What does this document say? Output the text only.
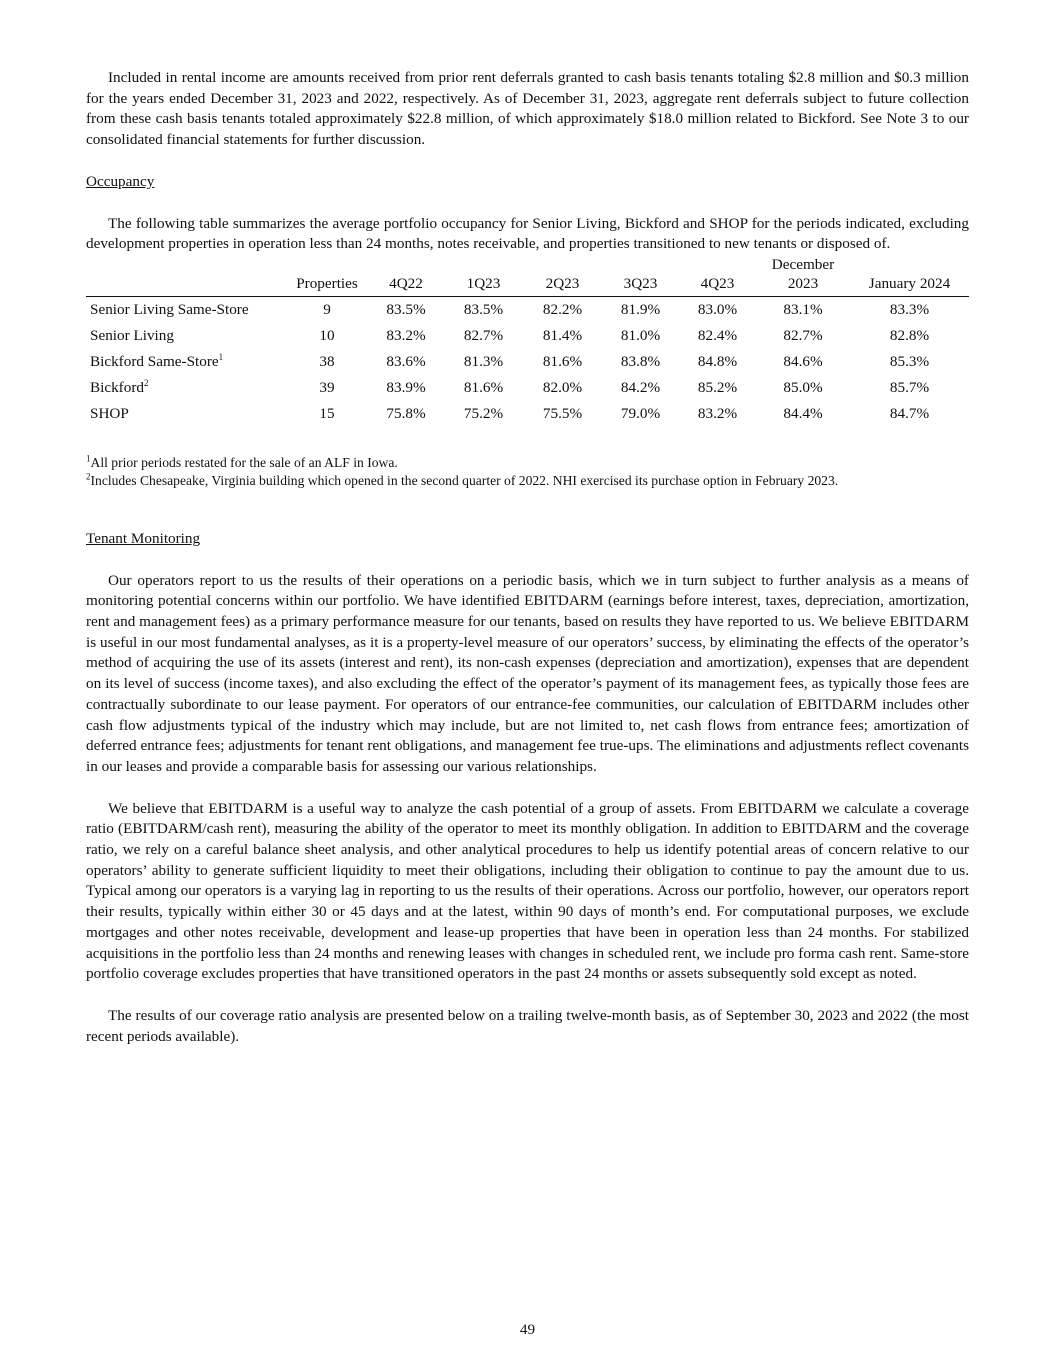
Included in rental income are amounts received from prior rent deferrals granted to cash basis tenants totaling $2.8 million and $0.3 million for the years ended December 31, 2023 and 2022, respectively. As of December 31, 2023, aggregate rent deferrals subject to future collection from these cash basis tenants totaled approximately $22.8 million, of which approximately $18.0 million related to Bickford. See Note 3 to our consolidated financial statements for further discussion.

Occupancy

The following table summarizes the average portfolio occupancy for Senior Living, Bickford and SHOP for the periods indicated, excluding development properties in operation less than 24 months, notes receivable, and properties transitioned to new tenants or disposed of.

	Properties	4Q22	1Q23	2Q23	3Q23	4Q23	December
2023	January 2024
Senior Living Same-Store	9	83.5%	83.5%	82.2%	81.9%	83.0%	83.1%	83.3%
Senior Living	10	83.2%	82.7%	81.4%	81.0%	82.4%	82.7%	82.8%
Bickford Same-Store$^1$	38	83.6%	81.3%	81.6%	83.8%	84.8%	84.6%	85.3%
Bickford$^2$	39	83.9%	81.6%	82.0%	84.2%	85.2%	85.0%	85.7%
SHOP	15	75.8%	75.2%	75.5%	79.0%	83.2%	84.4%	84.7%

$^1$All prior periods restated for the sale of an ALF in Iowa.

$^2$Includes Chesapeake, Virginia building which opened in the second quarter of 2022. NHI exercised its purchase option in February 2023.

Tenant Monitoring

Our operators report to us the results of their operations on a periodic basis, which we in turn subject to further analysis as a means of monitoring potential concerns within our portfolio. We have identified EBITDARM (earnings before interest, taxes, depreciation, amortization, rent and management fees) as a primary performance measure for our tenants, based on results they have reported to us. We believe EBITDARM is useful in our most fundamental analyses, as it is a property-level measure of our operators’ success, by eliminating the effects of the operator’s method of acquiring the use of its assets (interest and rent), its non-cash expenses (depreciation and amortization), expenses that are dependent on its level of success (income taxes), and also excluding the effect of the operator’s payment of its management fees, as typically those fees are contractually subordinate to our lease payment. For operators of our entrance-fee communities, our calculation of EBITDARM includes other cash flow adjustments typical of the industry which may include, but are not limited to, net cash flows from entrance fees; amortization of deferred entrance fees; adjustments for tenant rent obligations, and management fee true-ups. The eliminations and adjustments reflect covenants in our leases and provide a comparable basis for assessing our various relationships.

We believe that EBITDARM is a useful way to analyze the cash potential of a group of assets. From EBITDARM we calculate a coverage ratio (EBITDARM/cash rent), measuring the ability of the operator to meet its monthly obligation. In addition to EBITDARM and the coverage ratio, we rely on a careful balance sheet analysis, and other analytical procedures to help us identify potential areas of concern relative to our operators’ ability to generate sufficient liquidity to meet their obligations, including their obligation to continue to pay the amount due to us. Typical among our operators is a varying lag in reporting to us the results of their operations. Across our portfolio, however, our operators report their results, typically within either 30 or 45 days and at the latest, within 90 days of month’s end. For computational purposes, we exclude mortgages and other notes receivable, development and lease-up properties that have been in operation less than 24 months. For stabilized acquisitions in the portfolio less than 24 months and renewing leases with changes in scheduled rent, we include pro forma cash rent. Same-store portfolio coverage excludes properties that have transitioned operators in the past 24 months or assets subsequently sold except as noted.

The results of our coverage ratio analysis are presented below on a trailing twelve-month basis, as of September 30, 2023 and 2022 (the most recent periods available).

49
